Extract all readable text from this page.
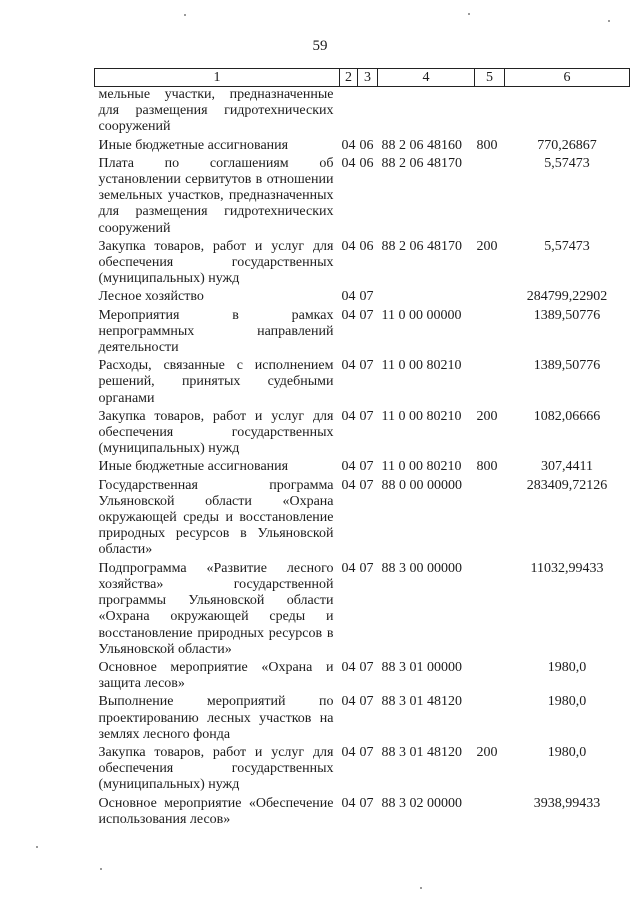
59
1	2	3	4	5	6
мельные участки, предназначенные для размещения гидротехнических сооружений					
Иные бюджетные ассигнования	04	06	88 2 06 48160	800	770,26867
Плата по соглашениям об установлении сервитутов в отношении земельных участков, предназначенных для размещения гидротехнических сооружений	04	06	88 2 06 48170		5,57473
Закупка товаров, работ и услуг для обеспечения государственных (муниципальных) нужд	04	06	88 2 06 48170	200	5,57473
Лесное хозяйство	04	07			284799,22902
Мероприятия в рамках непрограммных направлений деятельности	04	07	11 0 00 00000		1389,50776
Расходы, связанные с исполнением решений, принятых судебными органами	04	07	11 0 00 80210		1389,50776
Закупка товаров, работ и услуг для обеспечения государственных (муниципальных) нужд	04	07	11 0 00 80210	200	1082,06666
Иные бюджетные ассигнования	04	07	11 0 00 80210	800	307,4411
Государственная программа Ульяновской области «Охрана окружающей среды и восстановление природных ресурсов в Ульяновской области»	04	07	88 0 00 00000		283409,72126
Подпрограмма «Развитие лесного хозяйства» государственной программы Ульяновской области «Охрана окружающей среды и восстановление природных ресурсов в Ульяновской области»	04	07	88 3 00 00000		11032,99433
Основное мероприятие «Охрана и защита лесов»	04	07	88 3 01 00000		1980,0
Выполнение мероприятий по проектированию лесных участков на землях лесного фонда	04	07	88 3 01 48120		1980,0
Закупка товаров, работ и услуг для обеспечения государственных (муниципальных) нужд	04	07	88 3 01 48120	200	1980,0
Основное мероприятие «Обеспечение использования лесов»	04	07	88 3 02 00000		3938,99433
